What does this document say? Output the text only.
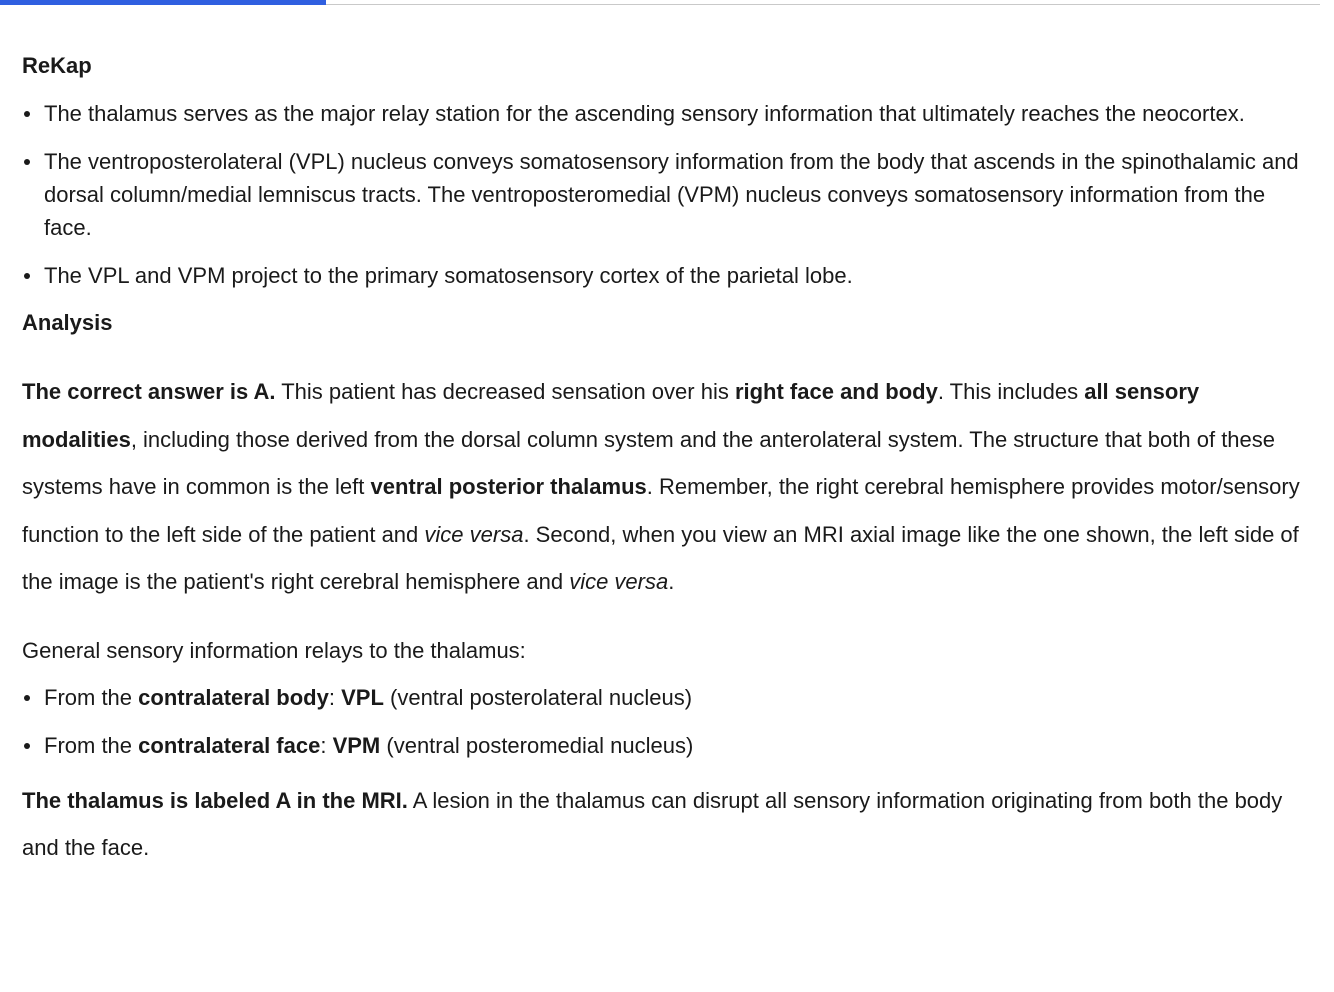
ReKap
The thalamus serves as the major relay station for the ascending sensory information that ultimately reaches the neocortex.
The ventroposterolateral (VPL) nucleus conveys somatosensory information from the body that ascends in the spinothalamic and dorsal column/medial lemniscus tracts. The ventroposteromedial (VPM) nucleus conveys somatosensory information from the face.
The VPL and VPM project to the primary somatosensory cortex of the parietal lobe.
Analysis

The correct answer is A. This patient has decreased sensation over his right face and body. This includes all sensory modalities, including those derived from the dorsal column system and the anterolateral system. The structure that both of these systems have in common is the left ventral posterior thalamus. Remember, the right cerebral hemisphere provides motor/sensory function to the left side of the patient and vice versa. Second, when you view an MRI axial image like the one shown, the left side of the image is the patient's right cerebral hemisphere and vice versa.

General sensory information relays to the thalamus:

From the contralateral body: VPL (ventral posterolateral nucleus)
From the contralateral face: VPM (ventral posteromedial nucleus)

The thalamus is labeled A in the MRI. A lesion in the thalamus can disrupt all sensory information originating from both the body and the face.
